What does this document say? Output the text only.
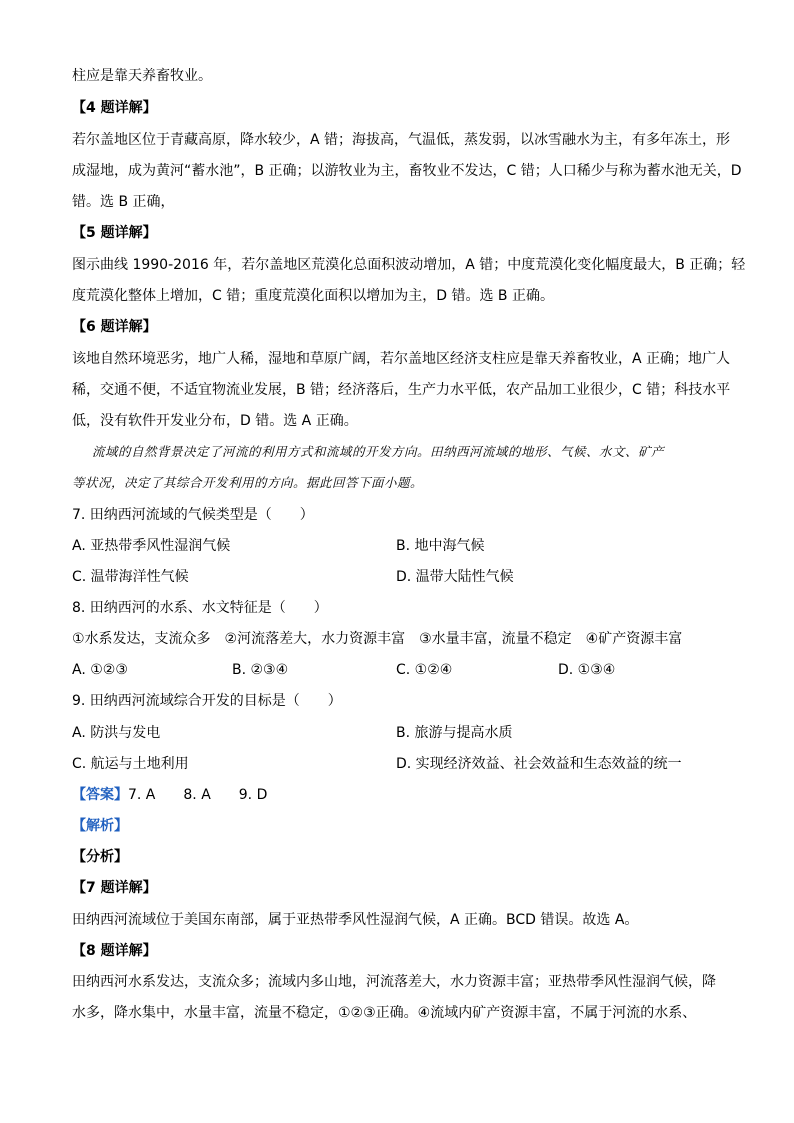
柱应是靠天养畜牧业。
【4 题详解】
若尔盖地区位于青藏高原，降水较少，A 错；海拔高，气温低，蒸发弱，以冰雪融水为主，有多年冻土，形
成湿地，成为黄河“蓄水池”，B 正确；以游牧业为主，畜牧业不发达，C 错；人口稀少与称为蓄水池无关，D
错。选 B 正确，
【5 题详解】
图示曲线 1990-2016 年，若尔盖地区荒漠化总面积波动增加，A 错；中度荒漠化变化幅度最大，B 正确；轻
度荒漠化整体上增加，C 错；重度荒漠化面积以增加为主，D 错。选 B 正确。
【6 题详解】
该地自然环境恶劣，地广人稀，湿地和草原广阔，若尔盖地区经济支柱应是靠天养畜牧业，A 正确；地广人
稀，交通不便，不适宜物流业发展，B 错；经济落后，生产力水平低，农产品加工业很少，C 错；科技水平
低，没有软件开发业分布，D 错。选 A 正确。
流域的自然背景决定了河流的利用方式和流域的开发方向。田纳西河流域的地形、气候、水文、矿产
等状况，决定了其综合开发利用的方向。据此回答下面小题。
7. 田纳西河流域的气候类型是（　　）
A. 亚热带季风性湿润气候	B. 地中海气候
C. 温带海洋性气候	D. 温带大陆性气候
8. 田纳西河的水系、水文特征是（　　）
①水系发达，支流众多　②河流落差大，水力资源丰富　③水量丰富，流量不稳定　④矿产资源丰富
A. ①②③	B. ②③④	C. ①②④	D. ①③④
9. 田纳西河流域综合开发的目标是（　　）
A. 防洪与发电	B. 旅游与提高水质
C. 航运与土地利用	D. 实现经济效益、社会效益和生态效益的统一
【答案】7. A　　8. A　　9. D
【解析】
【分析】
【7 题详解】
田纳西河流域位于美国东南部，属于亚热带季风性湿润气候，A 正确。BCD 错误。故选 A。
【8 题详解】
田纳西河水系发达，支流众多；流域内多山地，河流落差大，水力资源丰富；亚热带季风性湿润气候，降
水多，降水集中，水量丰富，流量不稳定，①②③正确。④流域内矿产资源丰富，不属于河流的水系、
